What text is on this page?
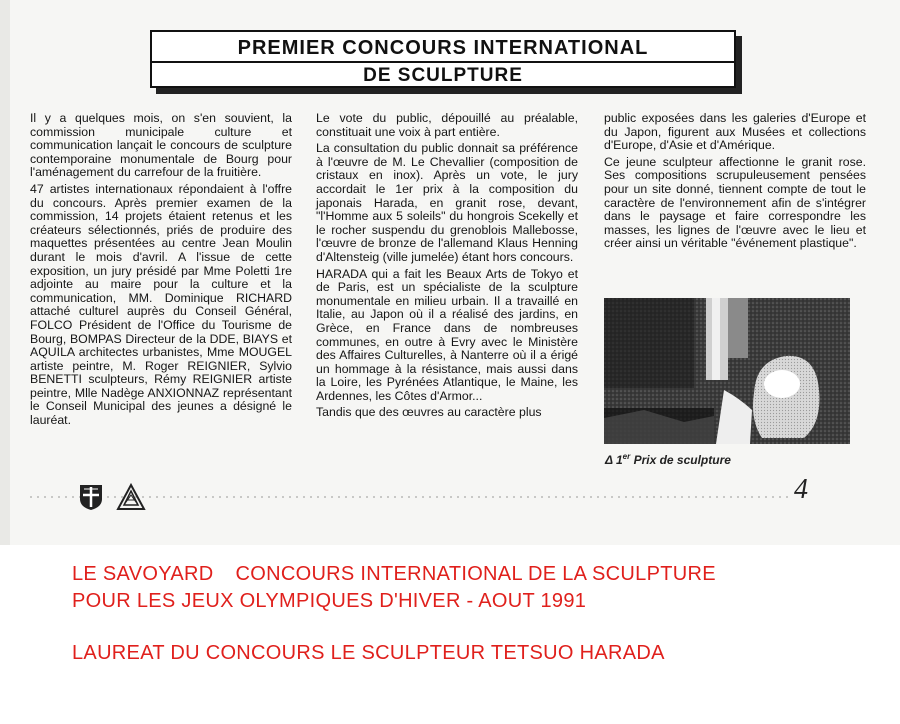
PREMIER CONCOURS INTERNATIONAL
DE SCULPTURE

Il y a quelques mois, on s'en souvient, la commission municipale culture et communication lançait le concours de sculpture contemporaine monumentale de Bourg pour l'aménagement du carrefour de la fruitière.

47 artistes internationaux répondaient à l'offre du concours. Après premier examen de la commission, 14 projets étaient retenus et les créateurs sélectionnés, priés de produire des maquettes présentées au centre Jean Moulin durant le mois d'avril. A l'issue de cette exposition, un jury présidé par Mme Poletti 1re adjointe au maire pour la culture et la communication, MM. Dominique RICHARD attaché culturel auprès du Conseil Général, FOLCO Président de l'Office du Tourisme de Bourg, BOMPAS Directeur de la DDE, BIAYS et AQUILA architectes urbanistes, Mme MOUGEL artiste peintre, M. Roger REIGNIER, Sylvio BENETTI sculpteurs, Rémy REIGNIER artiste peintre, Mlle Nadège ANXIONNAZ représentant le Conseil Municipal des jeunes a désigné le lauréat.

Le vote du public, dépouillé au préalable, constituait une voix à part entière.

La consultation du public donnait sa préférence à l'œuvre de M. Le Chevallier (composition de cristaux en inox). Après un vote, le jury accordait le 1er prix à la composition du japonais Harada, en granit rose, devant, "l'Homme aux 5 soleils" du hongrois Scekelly et le rocher suspendu du grenoblois Mallebosse, l'œuvre de bronze de l'allemand Klaus Henning d'Altensteig (ville jumelée) étant hors concours.

HARADA qui a fait les Beaux Arts de Tokyo et de Paris, est un spécialiste de la sculpture monumentale en milieu urbain. Il a travaillé en Italie, au Japon où il a réalisé des jardins, en Grèce, en France dans de nombreuses communes, en outre à Evry avec le Ministère des Affaires Culturelles, à Nanterre où il a érigé un hommage à la résistance, mais aussi dans la Loire, les Pyrénées Atlantique, le Maine, les Ardennes, les Côtes d'Armor...

Tandis que des œuvres au caractère plus

public exposées dans les galeries d'Europe et du Japon, figurent aux Musées et collections d'Europe, d'Asie et d'Amérique.

Ce jeune sculpteur affectionne le granit rose. Ses compositions scrupuleusement pensées pour un site donné, tiennent compte de tout le caractère de l'environnement afin de s'intégrer dans le paysage et faire correspondre les masses, les lignes de l'œuvre avec le lieu et créer ainsi un véritable "événement plastique".

Δ 1er Prix de sculpture
4
LE SAVOYARD CONCOURS INTERNATIONAL DE LA SCULPTURE
POUR LES JEUX OLYMPIQUES D'HIVER - AOUT 1991
LAUREAT DU CONCOURS LE SCULPTEUR TETSUO HARADA
